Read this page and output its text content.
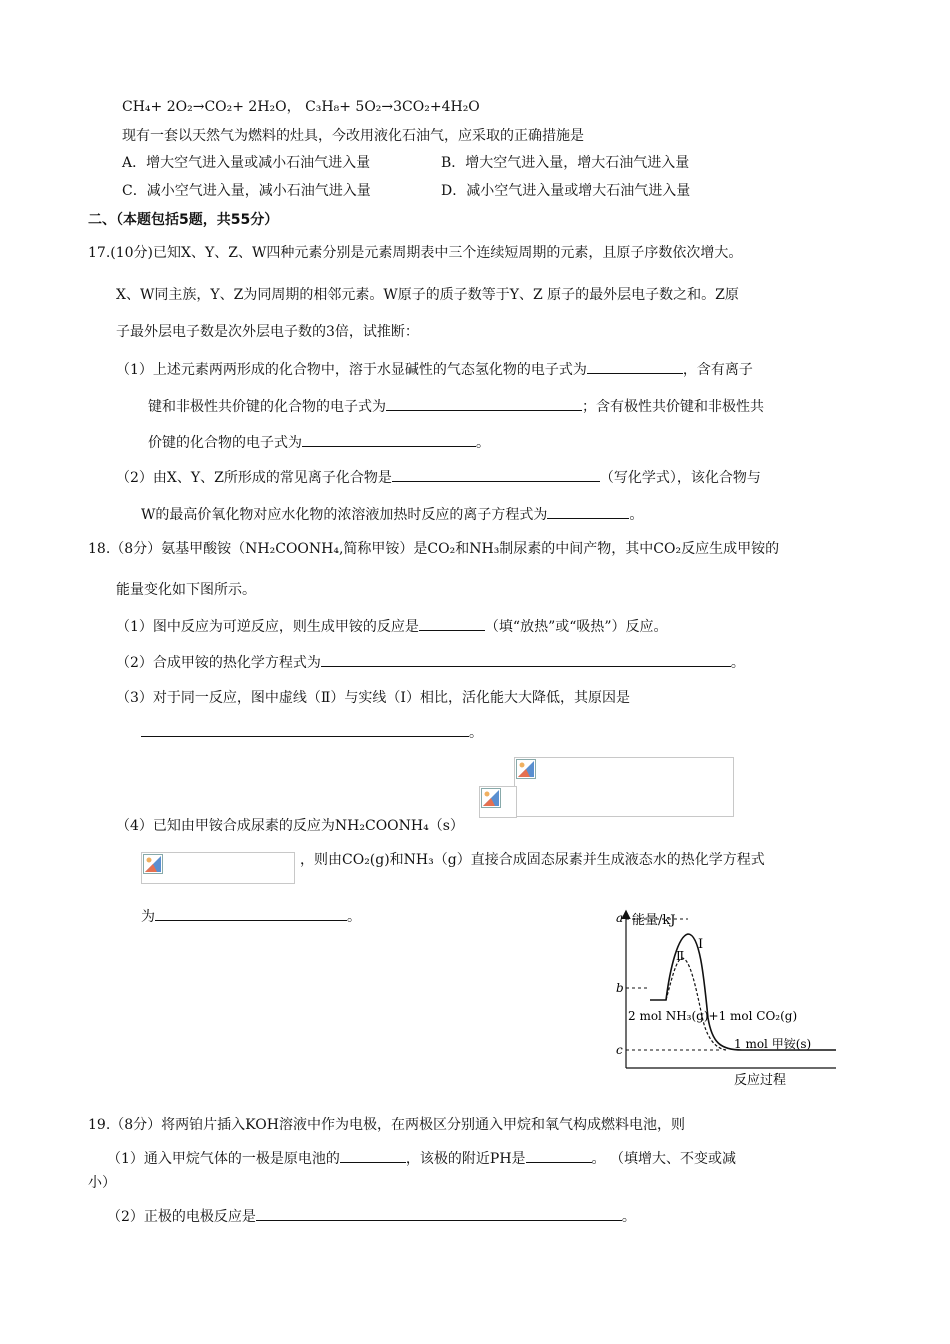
CH₄+ 2O₂→CO₂+ 2H₂O， C₃H₈+ 5O₂→3CO₂+4H₂O
现有一套以天然气为燃料的灶具，今改用液化石油气，应采取的正确措施是
A．增大空气进入量或减小石油气进入量	B．增大空气进入量，增大石油气进入量
C．减小空气进入量，减小石油气进入量	D．减小空气进入量或增大石油气进入量
二、（本题包括5题，共55分）
17.(10分)已知X、Y、Z、W四种元素分别是元素周期表中三个连续短周期的元素，且原子序数依次增大。
X、W同主族，Y、Z为同周期的相邻元素。W原子的质子数等于Y、Z 原子的最外层电子数之和。Z原
子最外层电子数是次外层电子数的3倍，试推断：
（1）上述元素两两形成的化合物中，溶于水显碱性的气态氢化物的电子式为	，含有离子
键和非极性共价键的化合物的电子式为	；含有极性共价键和非极性共
价键的化合物的电子式为	。
（2）由X、Y、Z所形成的常见离子化合物是	（写化学式），该化合物与
W的最高价氧化物对应水化物的浓溶液加热时反应的离子方程式为	。
18.（8分）氨基甲酸铵（NH₂COONH₄,简称甲铵）是CO₂和NH₃制尿素的中间产物，其中CO₂反应生成甲铵的
能量变化如下图所示。
（1）图中反应为可逆反应，则生成甲铵的反应是	（填“放热”或“吸热”）反应。
（2）合成甲铵的热化学方程式为	。
（3）对于同一反应，图中虚线（Ⅱ）与实线（Ⅰ）相比，活化能大大降低，其原因是
。
（4）已知由甲铵合成尿素的反应为NH₂COONH₄（s）
，则由CO₂(g)和NH₃（g）直接合成固态尿素并生成液态水的热化学方程式
为	。	能量/kJ
反应过程
a
b
c
Ⅰ
Ⅱ
2 mol NH₃(g)+1 mol CO₂(g)
1 mol 甲铵(s)
19.（8分）将两铂片插入KOH溶液中作为电极，在两极区分别通入甲烷和氧气构成燃料电池，则
（1）通入甲烷气体的一极是原电池的	，该极的附近PH是	。 （填增大、不变或减
小）
（2）正极的电极反应是	。
